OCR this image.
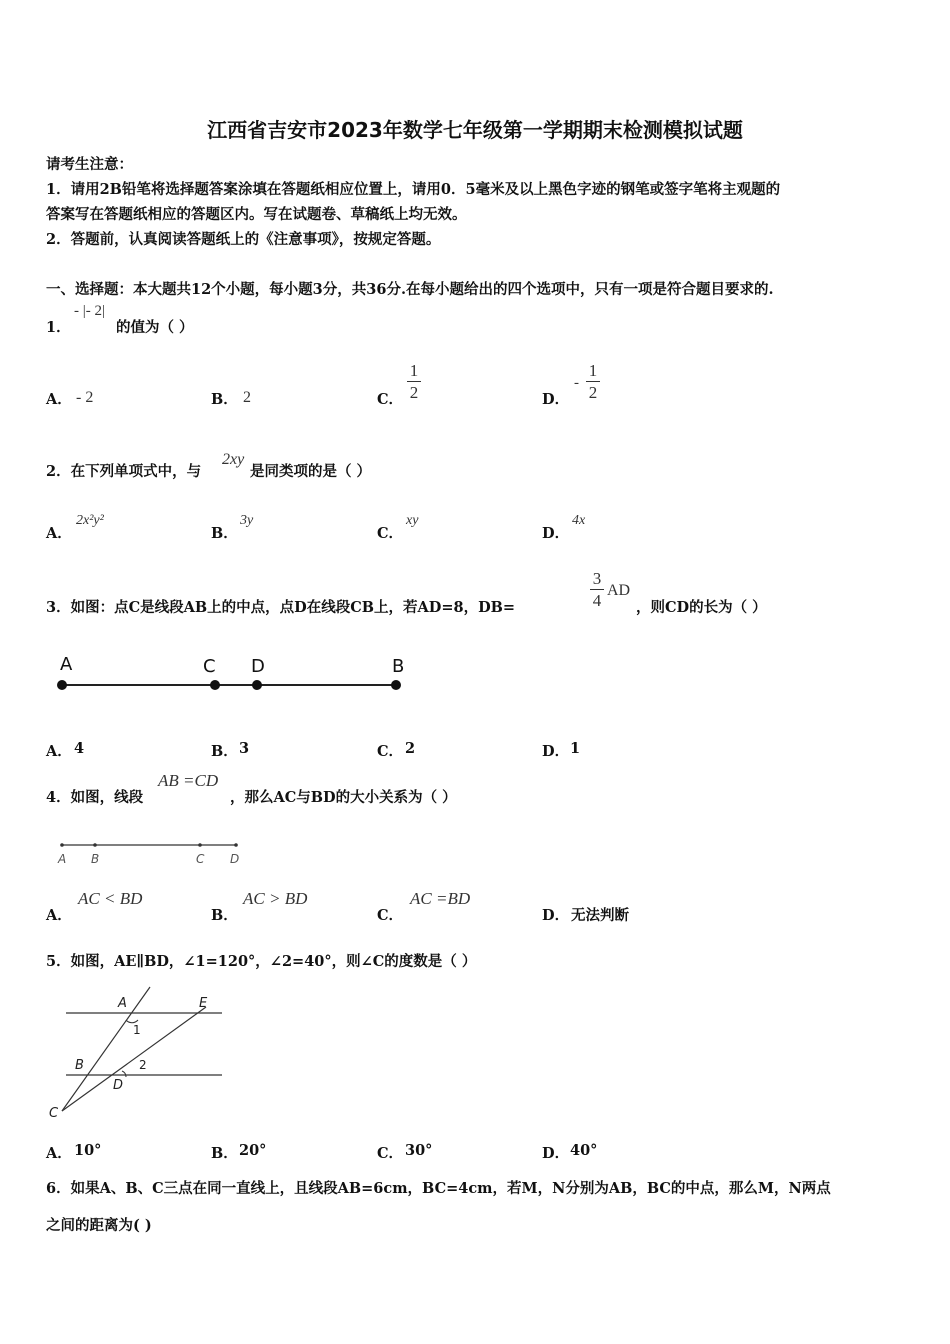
江西省吉安市2023年数学七年级第一学期期末检测模拟试题
请考生注意：
1．请用2B铅笔将选择题答案涂填在答题纸相应位置上，请用0．5毫米及以上黑色字迹的钢笔或签字笔将主观题的
答案写在答题纸相应的答题区内。写在试题卷、草稿纸上均无效。
2．答题前，认真阅读答题纸上的《注意事项》，按规定答题。
一、选择题：本大题共12个小题，每小题3分，共36分.在每小题给出的四个选项中，只有一项是符合题目要求的.
1．
- |- 2|
的值为（ ）
A． - 2	B． 2	C．
1
2	D．
-
1
2
2．在下列单项式中，与
2xy
是同类项的是（ ）
A．
2x²y²
B．
3y
C．
xy
D．
4x
3．如图：点C是线段AB上的中点，点D在线段CB上，若AD=8，DB=
3
4
AD
，则CD的长为（ ）
A	C D	B
A． 4	B． 3	C． 2	D． 1
4．如图，线段
AB =CD
，那么AC与BD的大小关系为（ ）
A B	C D
A．
AC < BD
B．
AC > BD
C．
AC =BD
D． 无法判断
5．如图，AE∥BD，∠1=120°，∠2=40°，则∠C的度数是（ ）
A	E
1
B	2
D
C
A． 10°	B． 20°	C． 30°	D． 40°
6．如果A、B、C三点在同一直线上，且线段AB=6cm，BC=4cm，若M，N分别为AB，BC的中点，那么M，N两点
之间的距离为( )
